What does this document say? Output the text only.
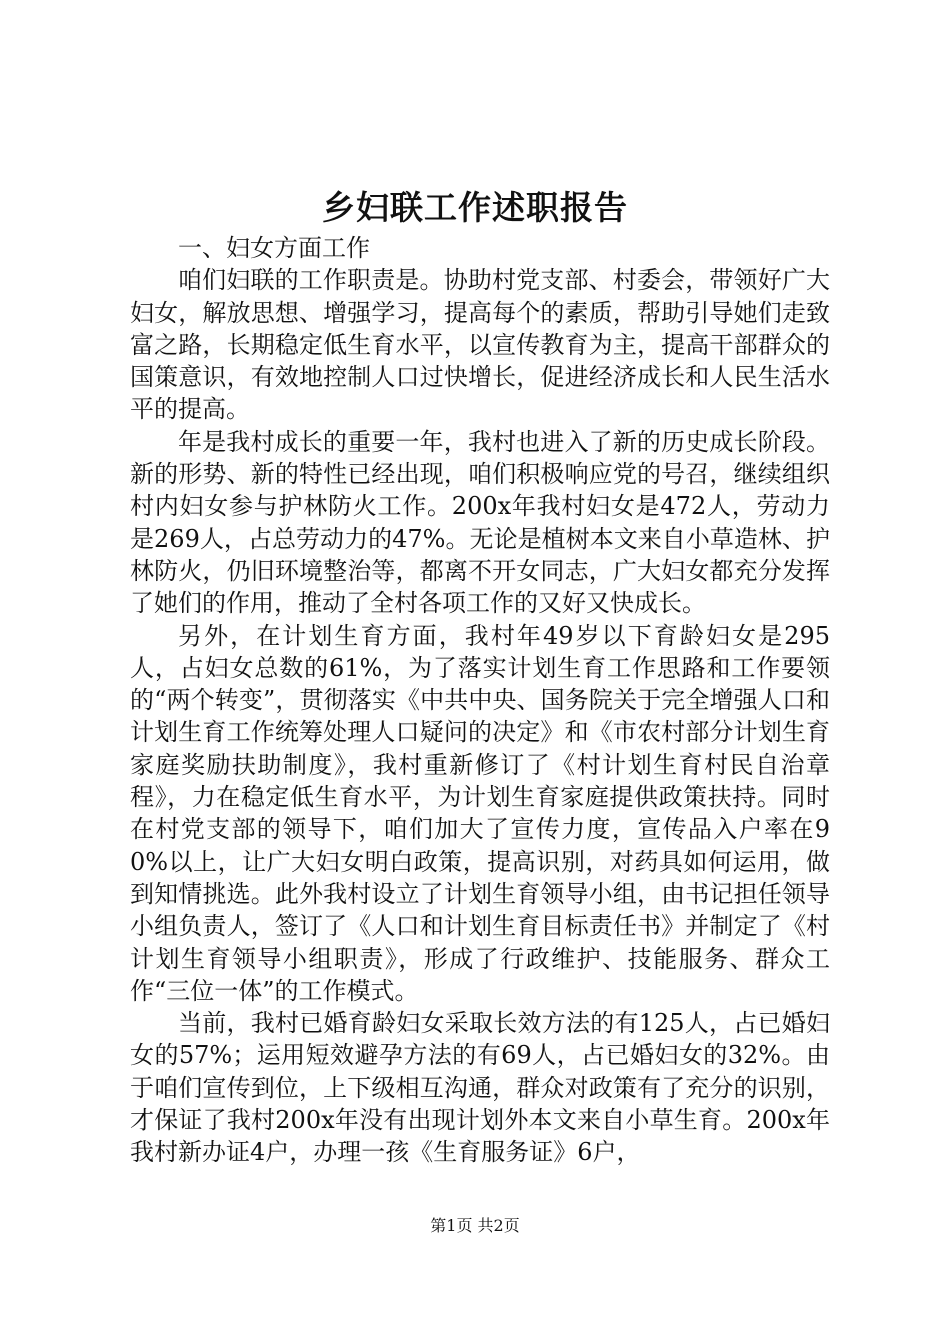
乡妇联工作述职报告

一、妇女方面工作

咱们妇联的工作职责是。协助村党支部、村委会，带领好广大妇女，解放思想、增强学习，提高每个的素质，帮助引导她们走致富之路，长期稳定低生育水平，以宣传教育为主，提高干部群众的国策意识，有效地控制人口过快增长，促进经济成长和人民生活水平的提高。

年是我村成长的重要一年，我村也进入了新的历史成长阶段。新的形势、新的特性已经出现，咱们积极响应党的号召，继续组织村内妇女参与护林防火工作。200x年我村妇女是472人，劳动力是269人，占总劳动力的47%。无论是植树本文来自小草造林、护林防火，仍旧环境整治等，都离不开女同志，广大妇女都充分发挥了她们的作用，推动了全村各项工作的又好又快成长。

另外，在计划生育方面，我村年49岁以下育龄妇女是295人，占妇女总数的61%，为了落实计划生育工作思路和工作要领的“两个转变”，贯彻落实《中共中央、国务院关于完全增强人口和计划生育工作统筹处理人口疑问的决定》和《市农村部分计划生育家庭奖励扶助制度》，我村重新修订了《村计划生育村民自治章程》，力在稳定低生育水平，为计划生育家庭提供政策扶持。同时在村党支部的领导下，咱们加大了宣传力度，宣传品入户率在90%以上，让广大妇女明白政策，提高识别，对药具如何运用，做到知情挑选。此外我村设立了计划生育领导小组，由书记担任领导小组负责人，签订了《人口和计划生育目标责任书》并制定了《村计划生育领导小组职责》，形成了行政维护、技能服务、群众工作“三位一体”的工作模式。

当前，我村已婚育龄妇女采取长效方法的有125人，占已婚妇女的57%；运用短效避孕方法的有69人，占已婚妇女的32%。由于咱们宣传到位，上下级相互沟通，群众对政策有了充分的识别，才保证了我村200x年没有出现计划外本文来自小草生育。200x年我村新办证4户，办理一孩《生育服务证》6户，

第1页 共2页
